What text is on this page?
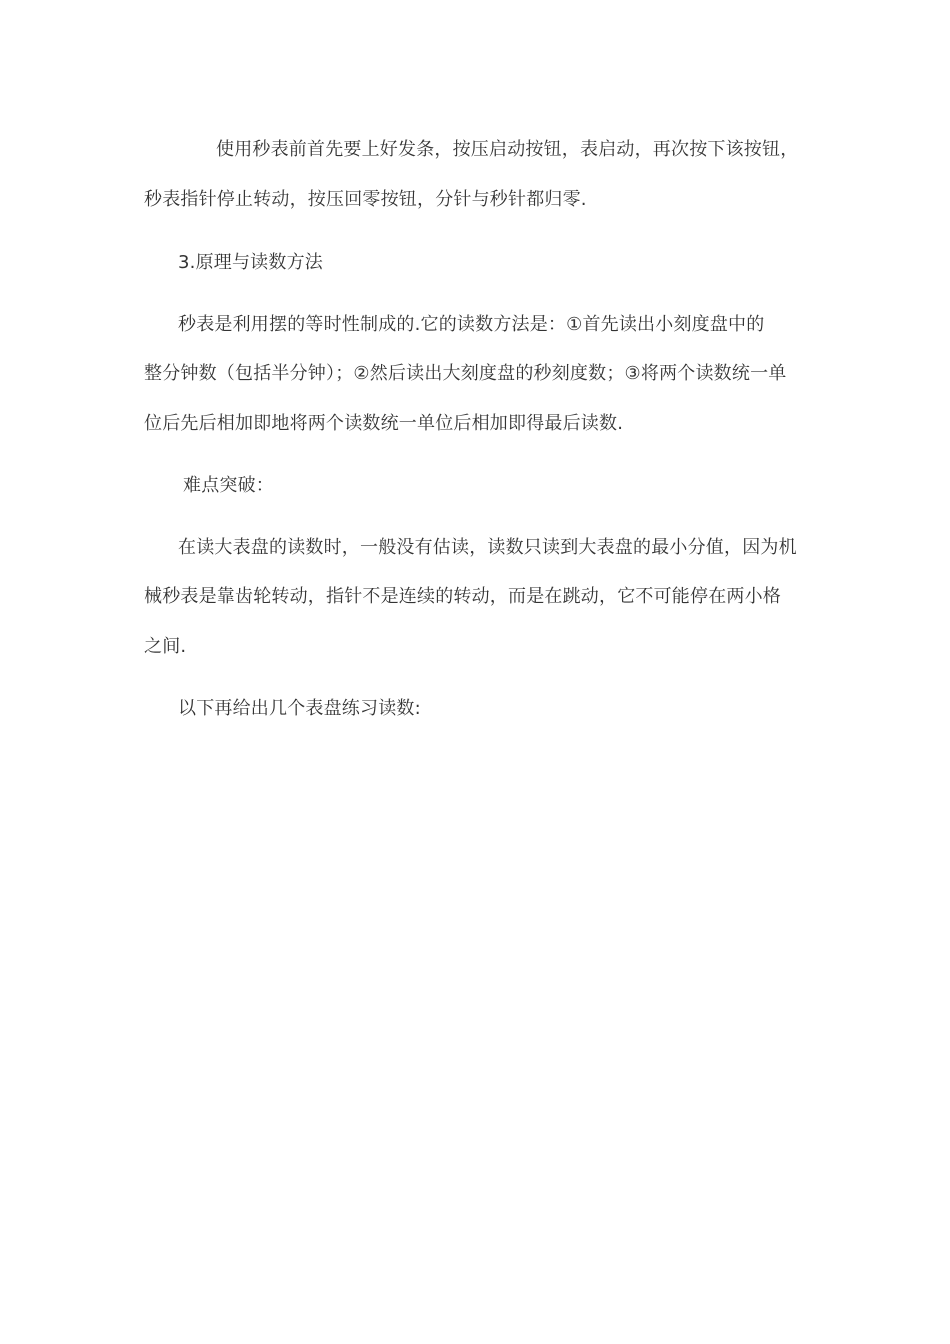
使用秒表前首先要上好发条，按压启动按钮，表启动，再次按下该按钮，
秒表指针停止转动，按压回零按钮，分针与秒针都归零.
3.原理与读数方法
秒表是利用摆的等时性制成的.它的读数方法是：①首先读出小刻度盘中的
整分钟数（包括半分钟）；②然后读出大刻度盘的秒刻度数；③将两个读数统一单
位后先后相加即地将两个读数统一单位后相加即得最后读数.
难点突破：
在读大表盘的读数时，一般没有估读，读数只读到大表盘的最小分值，因为机
械秒表是靠齿轮转动，指针不是连续的转动，而是在跳动，它不可能停在两小格
之间.
以下再给出几个表盘练习读数:
